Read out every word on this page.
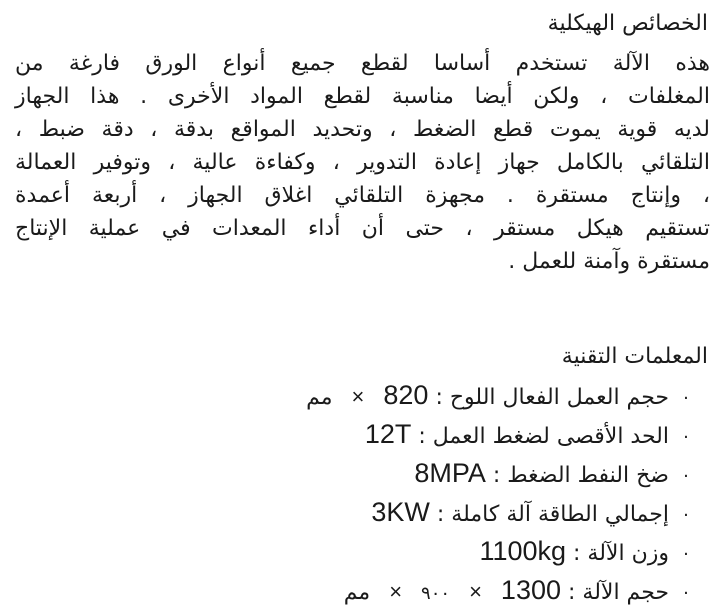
الخصائص الهيكلية
هذه الآلة تستخدم أساسا لقطع جميع أنواع الورق فارغة من
المغلفات ، ولكن أيضا مناسبة لقطع المواد الأخرى . هذا الجهاز
لديه قوية يموت قطع الضغط ، وتحديد المواقع بدقة ، دقة ضبط ،
التلقائي بالكامل جهاز إعادة التدوير ، وكفاءة عالية ، وتوفير العمالة
، وإنتاج مستقرة . مجهزة التلقائي اغلاق الجهاز ، أربعة أعمدة
تستقيم هيكل مستقر ، حتى أن أداء المعدات في عملية الإنتاج
مستقرة وآمنة للعمل .
المعلمات التقنية
· حجم العمل الفعال اللوح : 820 × مم
· الحد الأقصى لضغط العمل : 12T
· ضخ النفط الضغط : 8MPA
· إجمالي الطاقة آلة كاملة : 3KW
· وزن الآلة : 1100kg
· حجم الآلة : 1300 × ٩٠٠ × مم
